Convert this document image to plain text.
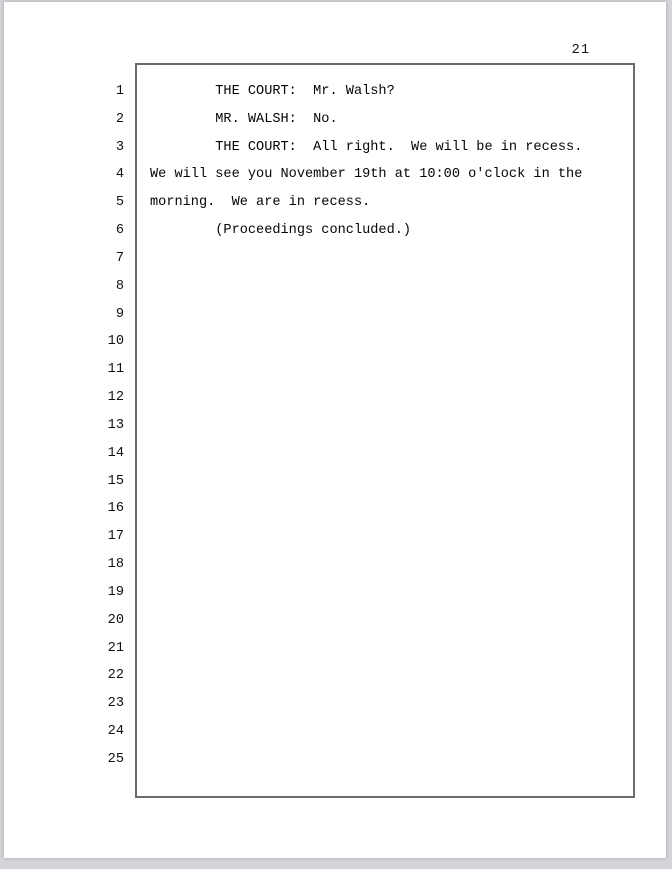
21
1        THE COURT:  Mr. Walsh?
2        MR. WALSH:  No.
3        THE COURT:  All right.  We will be in recess.
4 We will see you November 19th at 10:00 o'clock in the
5 morning.  We are in recess.
6        (Proceedings concluded.)
7
8
9
10
11
12
13
14
15
16
17
18
19
20
21
22
23
24
25
